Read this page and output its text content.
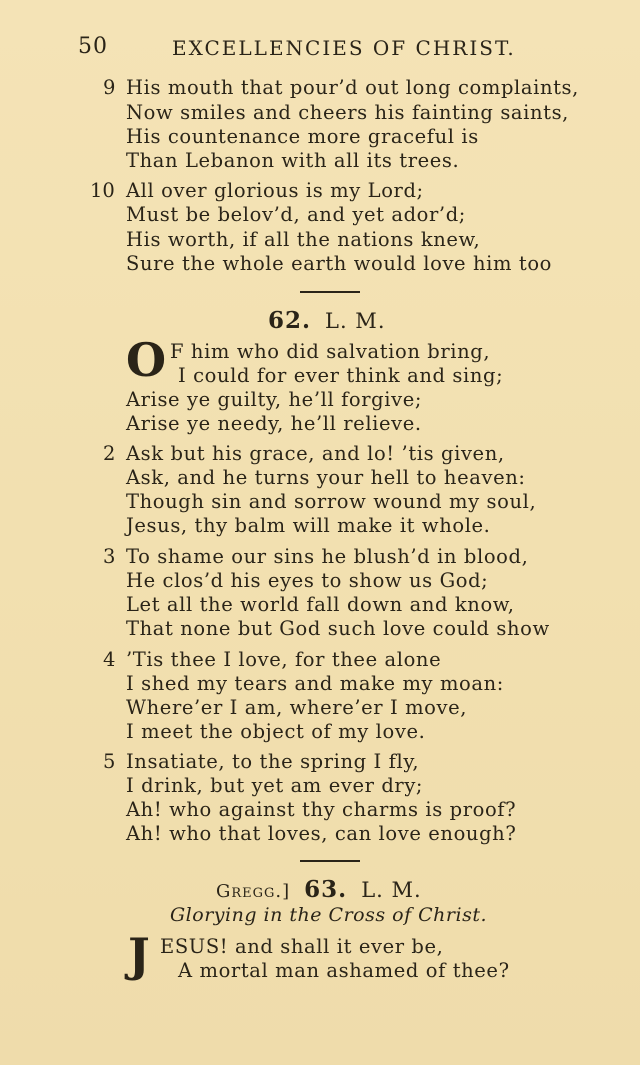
50	EXCELLENCIES OF CHRIST.
9 His mouth that pour’d out long complaints,
Now smiles and cheers his fainting saints,
His countenance more graceful is
Than Lebanon with all its trees.
10 All over glorious is my Lord;
Must be belov’d, and yet ador’d;
His worth, if all the nations knew,
Sure the whole earth would love him too
62. L. M.
O F him who did salvation bring,
I could for ever think and sing;
Arise ye guilty, he’ll forgive;
Arise ye needy, he’ll relieve.
2 Ask but his grace, and lo! ’tis given,
Ask, and he turns your hell to heaven:
Though sin and sorrow wound my soul,
Jesus, thy balm will make it whole.
3 To shame our sins he blush’d in blood,
He clos’d his eyes to show us God;
Let all the world fall down and know,
That none but God such love could show
4 ’Tis thee I love, for thee alone
I shed my tears and make my moan:
Where’er I am, where’er I move,
I meet the object of my love.
5 Insatiate, to the spring I fly,
I drink, but yet am ever dry;
Ah! who against thy charms is proof?
Ah! who that loves, can love enough?
Gregg.] 63. L. M.
Glorying in the Cross of Christ.
J ESUS! and shall it ever be,
A mortal man ashamed of thee?
